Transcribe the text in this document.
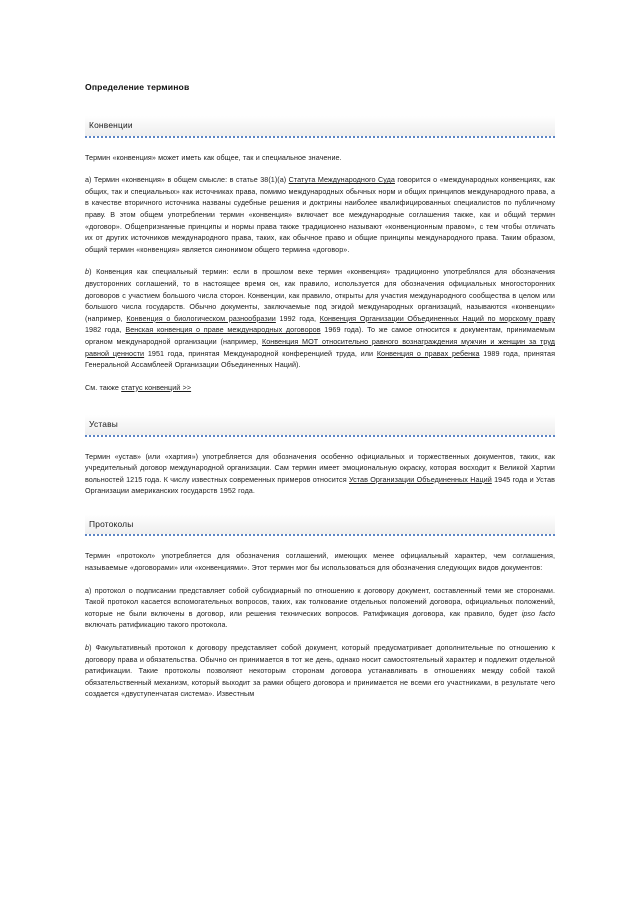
Определение терминов
Конвенции

Термин «конвенция» может иметь как общее, так и специальное значение.

a) Термин «конвенция» в общем смысле: в статье 38(1)(a) Статута Международного Суда говорится о «международных конвенциях, как общих, так и специальных» как источниках права, помимо международных обычных норм и общих принципов международного права, а в качестве вторичного источника названы судебные решения и доктрины наиболее квалифицированных специалистов по публичному праву. В этом общем употреблении термин «конвенция» включает все международные соглашения также, как и общий термин «договор». Общепризнанные принципы и нормы права также традиционно называют «конвенционным правом», с тем чтобы отличать их от других источников международного права, таких, как обычное право и общие принципы международного права. Таким образом, общий термин «конвенция» является синонимом общего термина «договор».

b) Конвенция как специальный термин: если в прошлом веке термин «конвенция» традиционно употреблялся для обозначения двусторонних соглашений, то в настоящее время он, как правило, используется для обозначения официальных многосторонних договоров с участием большого числа сторон. Конвенции, как правило, открыты для участия международного сообщества в целом или большого числа государств. Обычно документы, заключаемые под эгидой международных организаций, называются «конвенции» (например, Конвенция о биологическом разнообразии 1992 года, Конвенция Организации Объединенных Наций по морскому праву 1982 года, Венская конвенция о праве международных договоров 1969 года). То же самое относится к документам, принимаемым органом международной организации (например, Конвенция МОТ относительно равного вознаграждения мужчин и женщин за труд равной ценности 1951 года, принятая Международной конференцией труда, или Конвенция о правах ребенка 1989 года, принятая Генеральной Ассамблеей Организации Объединенных Наций).

См. также статус конвенций >>

Уставы

Термин «устав» (или «хартия») употребляется для обозначения особенно официальных и торжественных документов, таких, как учредительный договор международной организации. Сам термин имеет эмоциональную окраску, которая восходит к Великой Хартии вольностей 1215 года. К числу известных современных примеров относится Устав Организации Объединенных Наций 1945 года и Устав Организации американских государств 1952 года.

Протоколы

Термин «протокол» употребляется для обозначения соглашений, имеющих менее официальный характер, чем соглашения, называемые «договорами» или «конвенциями». Этот термин мог бы использоваться для обозначения следующих видов документов:

a) протокол о подписании представляет собой субсидиарный по отношению к договору документ, составленный теми же сторонами. Такой протокол касается вспомогательных вопросов, таких, как толкование отдельных положений договора, официальных положений, которые не были включены в договор, или решения технических вопросов. Ратификация договора, как правило, будет ipso facto включать ратификацию такого протокола.

b) Факультативный протокол к договору представляет собой документ, который предусматривает дополнительные по отношению к договору права и обязательства. Обычно он принимается в тот же день, однако носит самостоятельный характер и подлежит отдельной ратификации. Такие протоколы позволяют некоторым сторонам договора устанавливать в отношениях между собой такой обязательственный механизм, который выходит за рамки общего договора и принимается не всеми его участниками, в результате чего создается «двуступенчатая система». Известным
